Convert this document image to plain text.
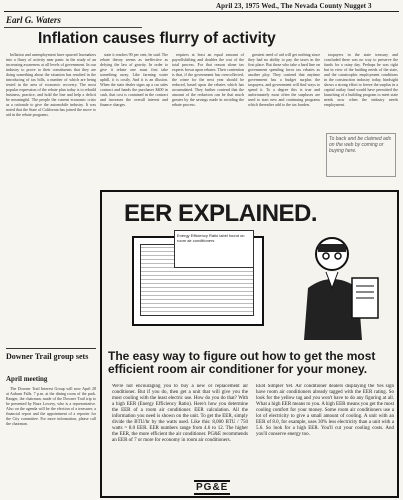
April 23, 1975 Wed., The Nevada County Nugget 3
Earl G. Waters
Inflation causes flurry of activity

Inflation and unemployment have spurred lawmakers into a flurry of activity near panic in the study of an increasing awareness at all levels of government. In our industry to prove to their constituents that they are doing something about the situation has resulted in the introducing of tax bills, a number of which are being tested in the area of economic recovery. The most popular expression of the rebate plan today is to rebuild business, practice, and hold the line and help a deficit be meaningful. The people the current economic crisis as a rationale to give the automobile industry. It was noted that the State of California has joined the move to aid in the rebate programs.

state it reaches 90 per cent, he said. The rebate theory seems as ineffective as defying the law of gravity. In order to give it rebate one must first take something away. Like farming water uphill, it is costly. And it is an illusion. When the state dealer signs up a car sales contract and hands the purchaser $400 in cash, that cost is contained in the contract and increases the overall interest and finance charges.

requires at least an equal amount of payrollshifting and doubles the cost of the total process. For that reason alone tax experts frown upon rebates. Their contention is that, if the government has overcollected, the crime for the next year should be reduced, based upon the rebates which has accumulated. They further contend that the amount of the reduction can be that much greater by the savings made in avoiding the rebate process.

greatest need of aid will get nothing since they had no ability to pay the taxes in the first place. But those who take a hard line on government spending favor tax rebates as another ploy. They contend that anytime government has a budget surplus the taxpayers, and government will find ways to spend it. To a degree this is true and unfortunately most often the surpluses are used to start new and continuing programs which thereafter add to the tax burden.

taxpayers in the state treasury and concluded there was no way to preserve the funds for a rainy day. Perhaps he was right but in view of the battling needs of the state, and the catastrophic employment conditions in the construction industry today, hindsight shows a strong effort to freeze the surplus in a capital outlay fund would have permitted the launching of a building program to meet state needs now when the industry needs employment.

To back and be claimed ads on the web by coming or buying here.
Downer Trail group sets
April meeting

The Downer Trail Interest Group will now April 28 at Auburn Falls. 7 p.m. at the dining room of the park. Ranger, the chairman, made of the Downer Trail trip to be presented by Buzz Lowery, who is a representative. Also on the agenda will be the election of a treasurer, a financial report and the appointment of a reporter for the City committee. For more information, please call the chairman.

EER EXPLAINED.
Energy Efficiency Ratio label found on room air conditioners
The easy way to figure out how to get the most efficient room air conditioner for your money.
We're not encouraging you to buy a new or replacement air conditioner. But if you do, then get a unit that will give you the most cooling with the least electric use. How do you do that? With a high EER (Energy Efficiency Ratio). Here's how you determine the EER of a room air conditioner. EER calculation. All the information you need is shown on the unit. To get the EER, simply divide the BTU/hr by the watts used. Like this: 8,000 BTU / 750 watts = 8.0 EER. EER numbers range from 4.6 to 12. The higher the EER, the more efficient the air conditioner. PG&E recommends an EER of 7 or more for economy in room air conditioners.
EER Simpler Yet. Air conditioner dealers displaying the Yes sign have room air conditioners already tagged with the EER rating. So look for the yellow tag and you won't have to do any figuring at all. What a high EER means to you. A high EER means you get the most cooling comfort for your money. Some room air conditioners use a lot of electricity to give a small amount of cooling. A unit with an EER of 8.0, for example, uses 30% less electricity than a unit with a 5.6. So look for a high EER. You'll cut your cooling costs. And you'll conserve energy too.
PG&E
